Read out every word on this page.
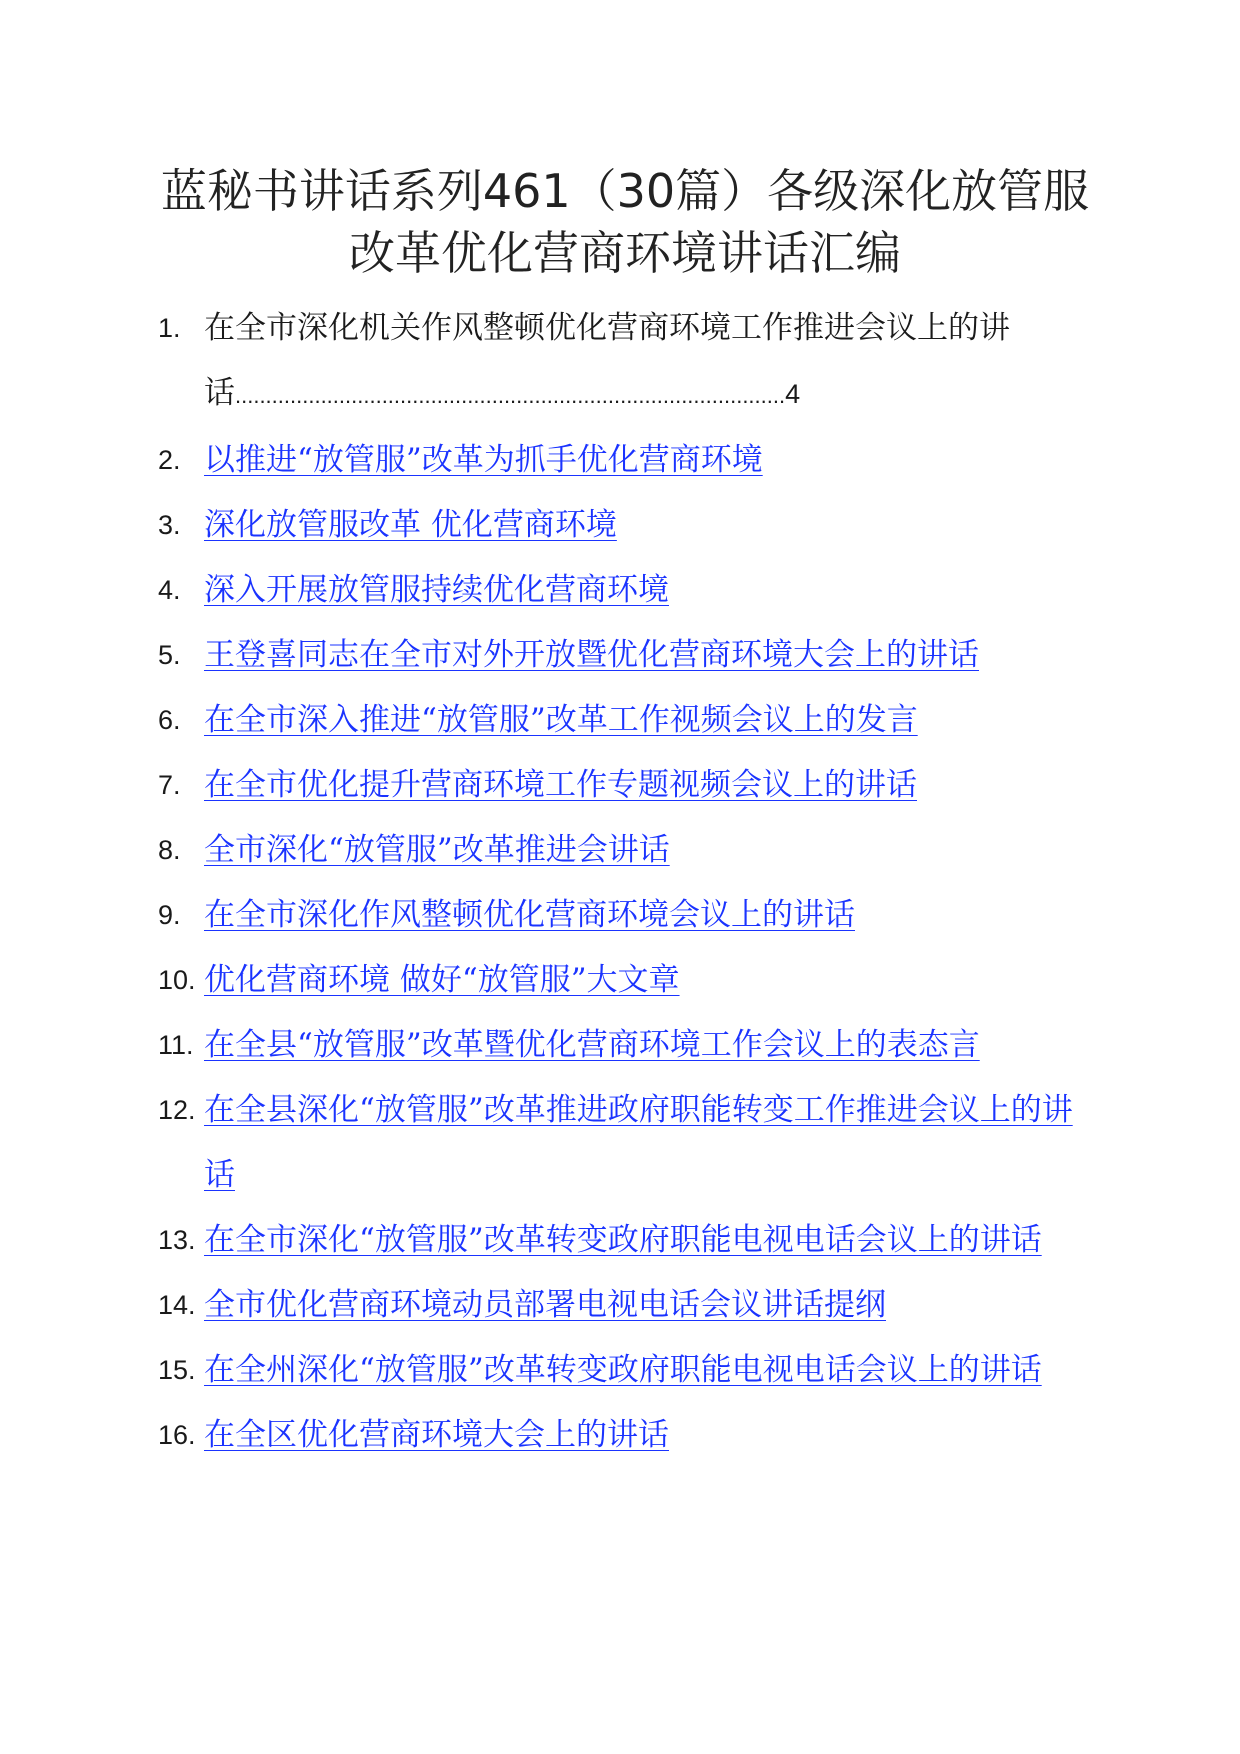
蓝秘书讲话系列461（30篇）各级深化放管服改革优化营商环境讲话汇编
1. 在全市深化机关作风整顿优化营商环境工作推进会议上的讲
话..........................................................................................4
2. 以推进“放管服”改革为抓手优化营商环境
3. 深化放管服改革 优化营商环境
4. 深入开展放管服持续优化营商环境
5. 王登喜同志在全市对外开放暨优化营商环境大会上的讲话
6. 在全市深入推进“放管服”改革工作视频会议上的发言
7. 在全市优化提升营商环境工作专题视频会议上的讲话
8. 全市深化“放管服”改革推进会讲话
9. 在全市深化作风整顿优化营商环境会议上的讲话
10. 优化营商环境 做好“放管服”大文章
11. 在全县“放管服”改革暨优化营商环境工作会议上的表态言
12. 在全县深化“放管服”改革推进政府职能转变工作推进会议上的讲话
13. 在全市深化“放管服”改革转变政府职能电视电话会议上的讲话
14. 全市优化营商环境动员部署电视电话会议讲话提纲
15. 在全州深化“放管服”改革转变政府职能电视电话会议上的讲话
16. 在全区优化营商环境大会上的讲话
